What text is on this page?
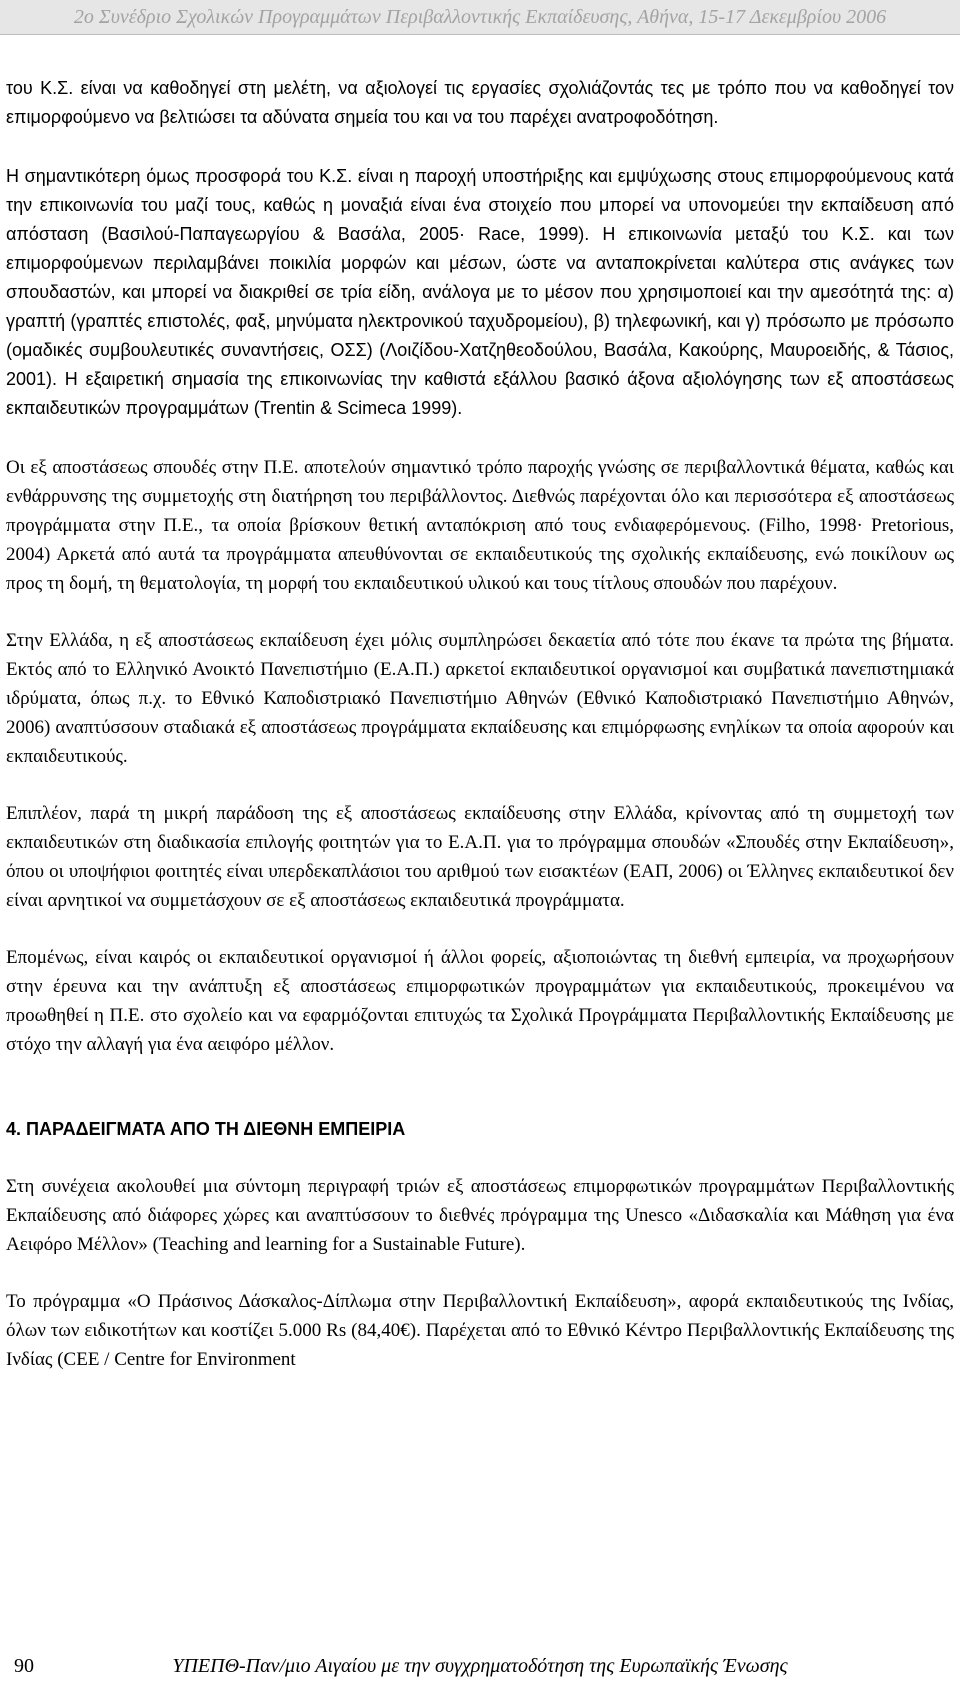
2ο Συνέδριο Σχολικών Προγραμμάτων Περιβαλλοντικής Εκπαίδευσης, Αθήνα, 15-17 Δεκεμβρίου 2006

του Κ.Σ. είναι να καθοδηγεί στη μελέτη, να αξιολογεί τις εργασίες σχολιάζοντάς τες με τρόπο που να καθοδηγεί τον επιμορφούμενο να βελτιώσει τα αδύνατα σημεία του και να του παρέχει ανατροφοδότηση.

Η σημαντικότερη όμως προσφορά του Κ.Σ. είναι η παροχή υποστήριξης και εμψύχωσης στους επιμορφούμενους κατά την επικοινωνία του μαζί τους, καθώς η μοναξιά είναι ένα στοιχείο που μπορεί να υπονομεύει την εκπαίδευση από απόσταση (Βασιλού-Παπαγεωργίου & Βασάλα, 2005· Race, 1999). Η επικοινωνία μεταξύ του Κ.Σ. και των επιμορφούμενων περιλαμβάνει ποικιλία μορφών και μέσων, ώστε να ανταποκρίνεται καλύτερα στις ανάγκες των σπουδαστών, και μπορεί να διακριθεί σε τρία είδη, ανάλογα με το μέσον που χρησιμοποιεί και την αμεσότητά της: α) γραπτή (γραπτές επιστολές, φαξ, μηνύματα ηλεκτρονικού ταχυδρομείου), β) τηλεφωνική, και γ) πρόσωπο με πρόσωπο (ομαδικές συμβουλευτικές συναντήσεις, ΟΣΣ) (Λοιζίδου-Χατζηθεοδούλου, Βασάλα, Κακούρης, Μαυροειδής, & Τάσιος, 2001). Η εξαιρετική σημασία της επικοινωνίας την καθιστά εξάλλου βασικό άξονα αξιολόγησης των εξ αποστάσεως εκπαιδευτικών προγραμμάτων (Trentin & Scimeca 1999).

Οι εξ αποστάσεως σπουδές στην Π.Ε. αποτελούν σημαντικό τρόπο παροχής γνώσης σε περιβαλλοντικά θέματα, καθώς και ενθάρρυνσης της συμμετοχής στη διατήρηση του περιβάλλοντος. Διεθνώς παρέχονται όλο και περισσότερα εξ αποστάσεως προγράμματα στην Π.Ε., τα οποία βρίσκουν θετική ανταπόκριση από τους ενδιαφερόμενους. (Filho, 1998· Pretorious, 2004) Αρκετά από αυτά τα προγράμματα απευθύνονται σε εκπαιδευτικούς της σχολικής εκπαίδευσης, ενώ ποικίλουν ως προς τη δομή, τη θεματολογία, τη μορφή του εκπαιδευτικού υλικού και τους τίτλους σπουδών που παρέχουν.

Στην Ελλάδα, η εξ αποστάσεως εκπαίδευση έχει μόλις συμπληρώσει δεκαετία από τότε που έκανε τα πρώτα της βήματα. Εκτός από το Ελληνικό Ανοικτό Πανεπιστήμιο (Ε.Α.Π.) αρκετοί εκπαιδευτικοί οργανισμοί και συμβατικά πανεπιστημιακά ιδρύματα, όπως π.χ. το Εθνικό Καποδιστριακό Πανεπιστήμιο Αθηνών (Εθνικό Καποδιστριακό Πανεπιστήμιο Αθηνών, 2006) αναπτύσσουν σταδιακά εξ αποστάσεως προγράμματα εκπαίδευσης και επιμόρφωσης ενηλίκων τα οποία αφορούν και εκπαιδευτικούς.

Επιπλέον, παρά τη μικρή παράδοση της εξ αποστάσεως εκπαίδευσης στην Ελλάδα, κρίνοντας από τη συμμετοχή των εκπαιδευτικών στη διαδικασία επιλογής φοιτητών για το Ε.Α.Π. για το πρόγραμμα σπουδών «Σπουδές στην Εκπαίδευση», όπου οι υποψήφιοι φοιτητές είναι υπερδεκαπλάσιοι του αριθμού των εισακτέων (ΕΑΠ, 2006) οι Έλληνες εκπαιδευτικοί δεν είναι αρνητικοί να συμμετάσχουν σε εξ αποστάσεως εκπαιδευτικά προγράμματα.

Επομένως, είναι καιρός οι εκπαιδευτικοί οργανισμοί ή άλλοι φορείς, αξιοποιώντας τη διεθνή εμπειρία, να προχωρήσουν στην έρευνα και την ανάπτυξη εξ αποστάσεως επιμορφωτικών προγραμμάτων για εκπαιδευτικούς, προκειμένου να προωθηθεί η Π.Ε. στο σχολείο και να εφαρμόζονται επιτυχώς τα Σχολικά Προγράμματα Περιβαλλοντικής Εκπαίδευσης με στόχο την αλλαγή για ένα αειφόρο μέλλον.

4. ΠΑΡΑΔΕΙΓΜΑΤΑ ΑΠΟ ΤΗ ΔΙΕΘΝΗ ΕΜΠΕΙΡΙΑ

Στη συνέχεια ακολουθεί μια σύντομη περιγραφή τριών εξ αποστάσεως επιμορφωτικών προγραμμάτων Περιβαλλοντικής Εκπαίδευσης από διάφορες χώρες και αναπτύσσουν το διεθνές πρόγραμμα της Unesco «Διδασκαλία και Μάθηση για ένα Αειφόρο Μέλλον» (Teaching and learning for a Sustainable Future).

Το πρόγραμμα «Ο Πράσινος Δάσκαλος-Δίπλωμα στην Περιβαλλοντική Εκπαίδευση», αφορά εκπαιδευτικούς της Ινδίας, όλων των ειδικοτήτων και κοστίζει 5.000 Rs (84,40€). Παρέχεται από το Εθνικό Κέντρο Περιβαλλοντικής Εκπαίδευσης της Ινδίας (CEE / Centre for Environment

90	ΥΠΕΠΘ-Παν/μιο Αιγαίου με την συγχρηματοδότηση της Ευρωπαϊκής Ένωσης
